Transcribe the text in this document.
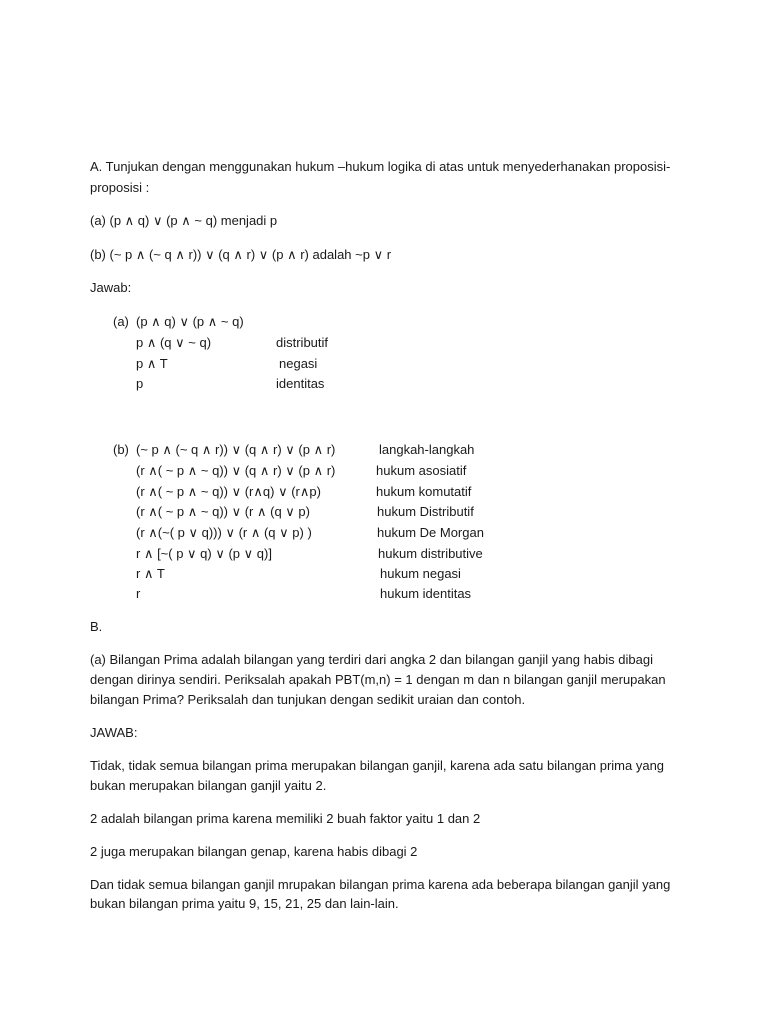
A. Tunjukan dengan menggunakan hukum –hukum logika di atas untuk menyederhanakan proposisi-
proposisi :
(a) (p ∧ q) ∨ (p ∧ ~ q) menjadi p
(b) (~ p ∧ (~ q ∧ r)) ∨ (q ∧ r) ∨ (p ∧ r) adalah ~p ∨ r
Jawab:
(a) (p ∧ q) ∨ (p ∧ ~ q)
p ∧ (q ∨ ~ q)	distributif
p ∧ T	negasi
p	identitas
(b) (~ p ∧ (~ q ∧ r)) ∨ (q ∧ r) ∨ (p ∧ r)	langkah-langkah
(r ∧( ~ p ∧ ~ q)) ∨ (q ∧ r) ∨ (p ∧ r)	hukum asosiatif
(r ∧( ~ p ∧ ~ q)) ∨ (r∧q) ∨ (r∧p)	hukum komutatif
(r ∧( ~ p ∧ ~ q)) ∨ (r ∧ (q ∨ p)	hukum Distributif
(r ∧(~( p ∨ q))) ∨ (r ∧ (q ∨ p) )	hukum De Morgan
r ∧ [~( p ∨ q) ∨ (p ∨ q)]	hukum distributive
r ∧ T	hukum negasi
r	hukum identitas
B.
(a) Bilangan Prima adalah bilangan yang terdiri dari angka 2 dan bilangan ganjil yang habis dibagi
dengan dirinya sendiri. Periksalah apakah PBT(m,n) = 1 dengan m dan n bilangan ganjil merupakan
bilangan Prima? Periksalah dan tunjukan dengan sedikit uraian dan contoh.
JAWAB:
Tidak, tidak semua bilangan prima merupakan bilangan ganjil, karena ada satu bilangan prima yang
bukan merupakan bilangan ganjil yaitu 2.
2 adalah bilangan prima karena memiliki 2 buah faktor yaitu 1 dan 2
2 juga merupakan bilangan genap, karena habis dibagi 2
Dan tidak semua bilangan ganjil mrupakan bilangan prima karena ada beberapa bilangan ganjil yang
bukan bilangan prima yaitu 9, 15, 21, 25 dan lain-lain.
